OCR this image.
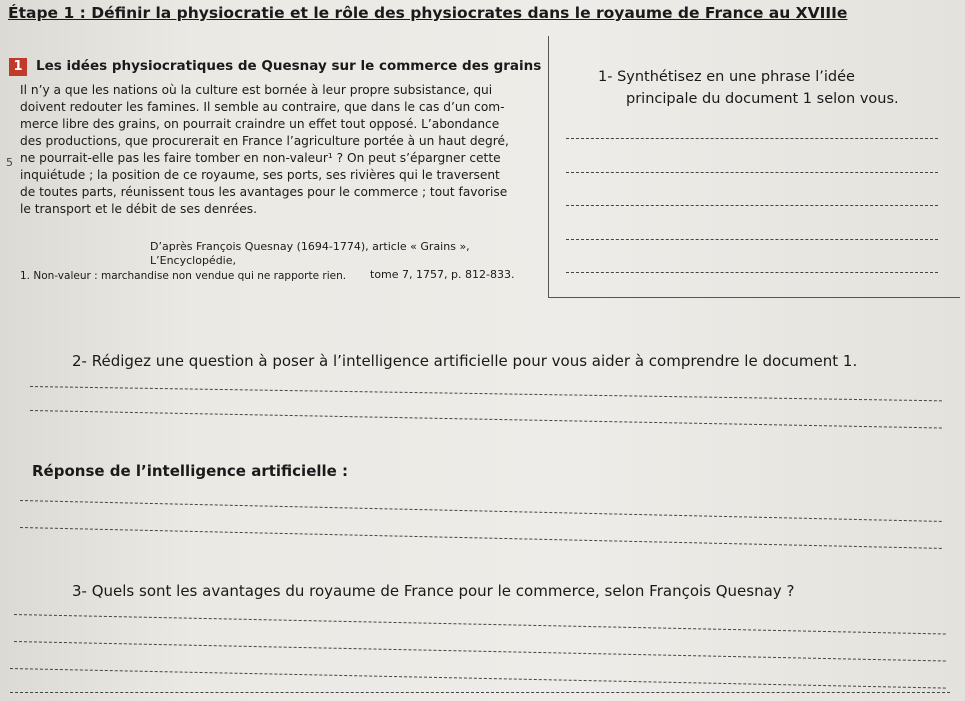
Étape 1 : Définir la physiocratie et le rôle des physiocrates dans le royaume de France au XVIIIe
1 Les idées physiocratiques de Quesnay sur le commerce des grains

Il n’y a que les nations où la culture est bornée à leur propre subsistance, qui

doivent redouter les famines. Il semble au contraire, que dans le cas d’un com-

merce libre des grains, on pourrait craindre un effet tout opposé. L’abondance

des productions, que procurerait en France l’agriculture portée à un haut degré,

ne pourrait-elle pas les faire tomber en non-valeur¹ ? On peut s’épargner cette

inquiétude ; la position de ce royaume, ses ports, ses rivières qui le traversent

de toutes parts, réunissent tous les avantages pour le commerce ; tout favorise

le transport et le débit de ses denrées.

5
D’après François Quesnay (1694-1774), article « Grains », L’Encyclopédie,
tome 7, 1757, p. 812-833.
1. Non-valeur : marchandise non vendue qui ne rapporte rien.
1- Synthétisez en une phrase l’idée
principale du document 1 selon vous.
2- Rédigez une question à poser à l’intelligence artificielle pour vous aider à comprendre le document 1.
Réponse de l’intelligence artificielle :
3- Quels sont les avantages du royaume de France pour le commerce, selon François Quesnay ?
